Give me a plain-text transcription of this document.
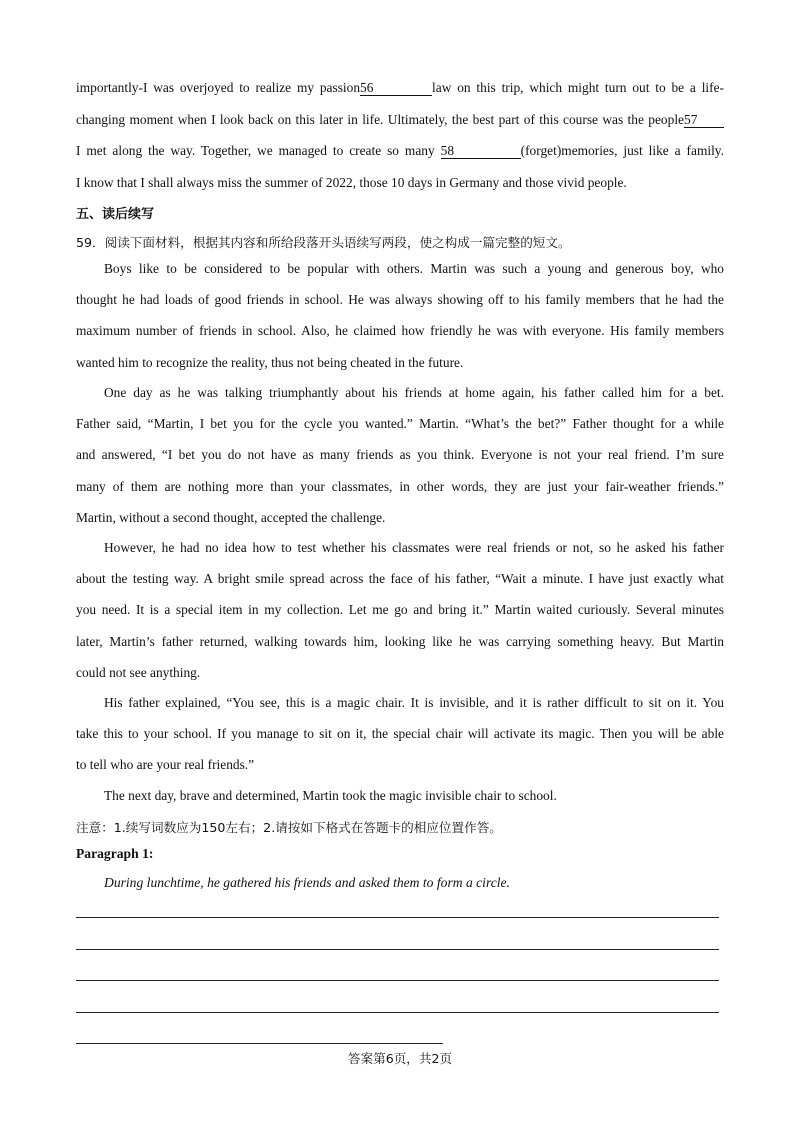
importantly-I was overjoyed to realize my passion56	law on this trip, which might turn out to be a life-
changing moment when I look back on this later in life. Ultimately, the best part of this course was the people57
I met along the way. Together, we managed to create so many 58	(forget)memories, just like a family.
I know that I shall always miss the summer of 2022, those 10 days in Germany and those vivid people.
五、读后续写
59．阅读下面材料，根据其内容和所给段落开头语续写两段，使之构成一篇完整的短文。
Boys like to be considered to be popular with others. Martin was such a young and generous boy, who
thought he had loads of good friends in school. He was always showing off to his family members that he had the
maximum number of friends in school. Also, he claimed how friendly he was with everyone. His family members
wanted him to recognize the reality, thus not being cheated in the future.
One day as he was talking triumphantly about his friends at home again, his father called him for a bet.
Father said, “Martin, I bet you for the cycle you wanted.” Martin. “What’s the bet?” Father thought for a while
and answered, “I bet you do not have as many friends as you think. Everyone is not your real friend. I’m sure
many of them are nothing more than your classmates, in other words, they are just your fair-weather friends.”
Martin, without a second thought, accepted the challenge.
However, he had no idea how to test whether his classmates were real friends or not, so he asked his father
about the testing way. A bright smile spread across the face of his father, “Wait a minute. I have just exactly what
you need. It is a special item in my collection. Let me go and bring it.” Martin waited curiously. Several minutes
later, Martin’s father returned, walking towards him, looking like he was carrying something heavy. But Martin
could not see anything.
His father explained, “You see, this is a magic chair. It is invisible, and it is rather difficult to sit on it. You
take this to your school. If you manage to sit on it, the special chair will activate its magic. Then you will be able
to tell who are your real friends.”
The next day, brave and determined, Martin took the magic invisible chair to school.
注意：1.续写词数应为150左右；2.请按如下格式在答题卡的相应位置作答。
Paragraph 1:
During lunchtime, he gathered his friends and asked them to form a circle.
答案第6页，共2页
